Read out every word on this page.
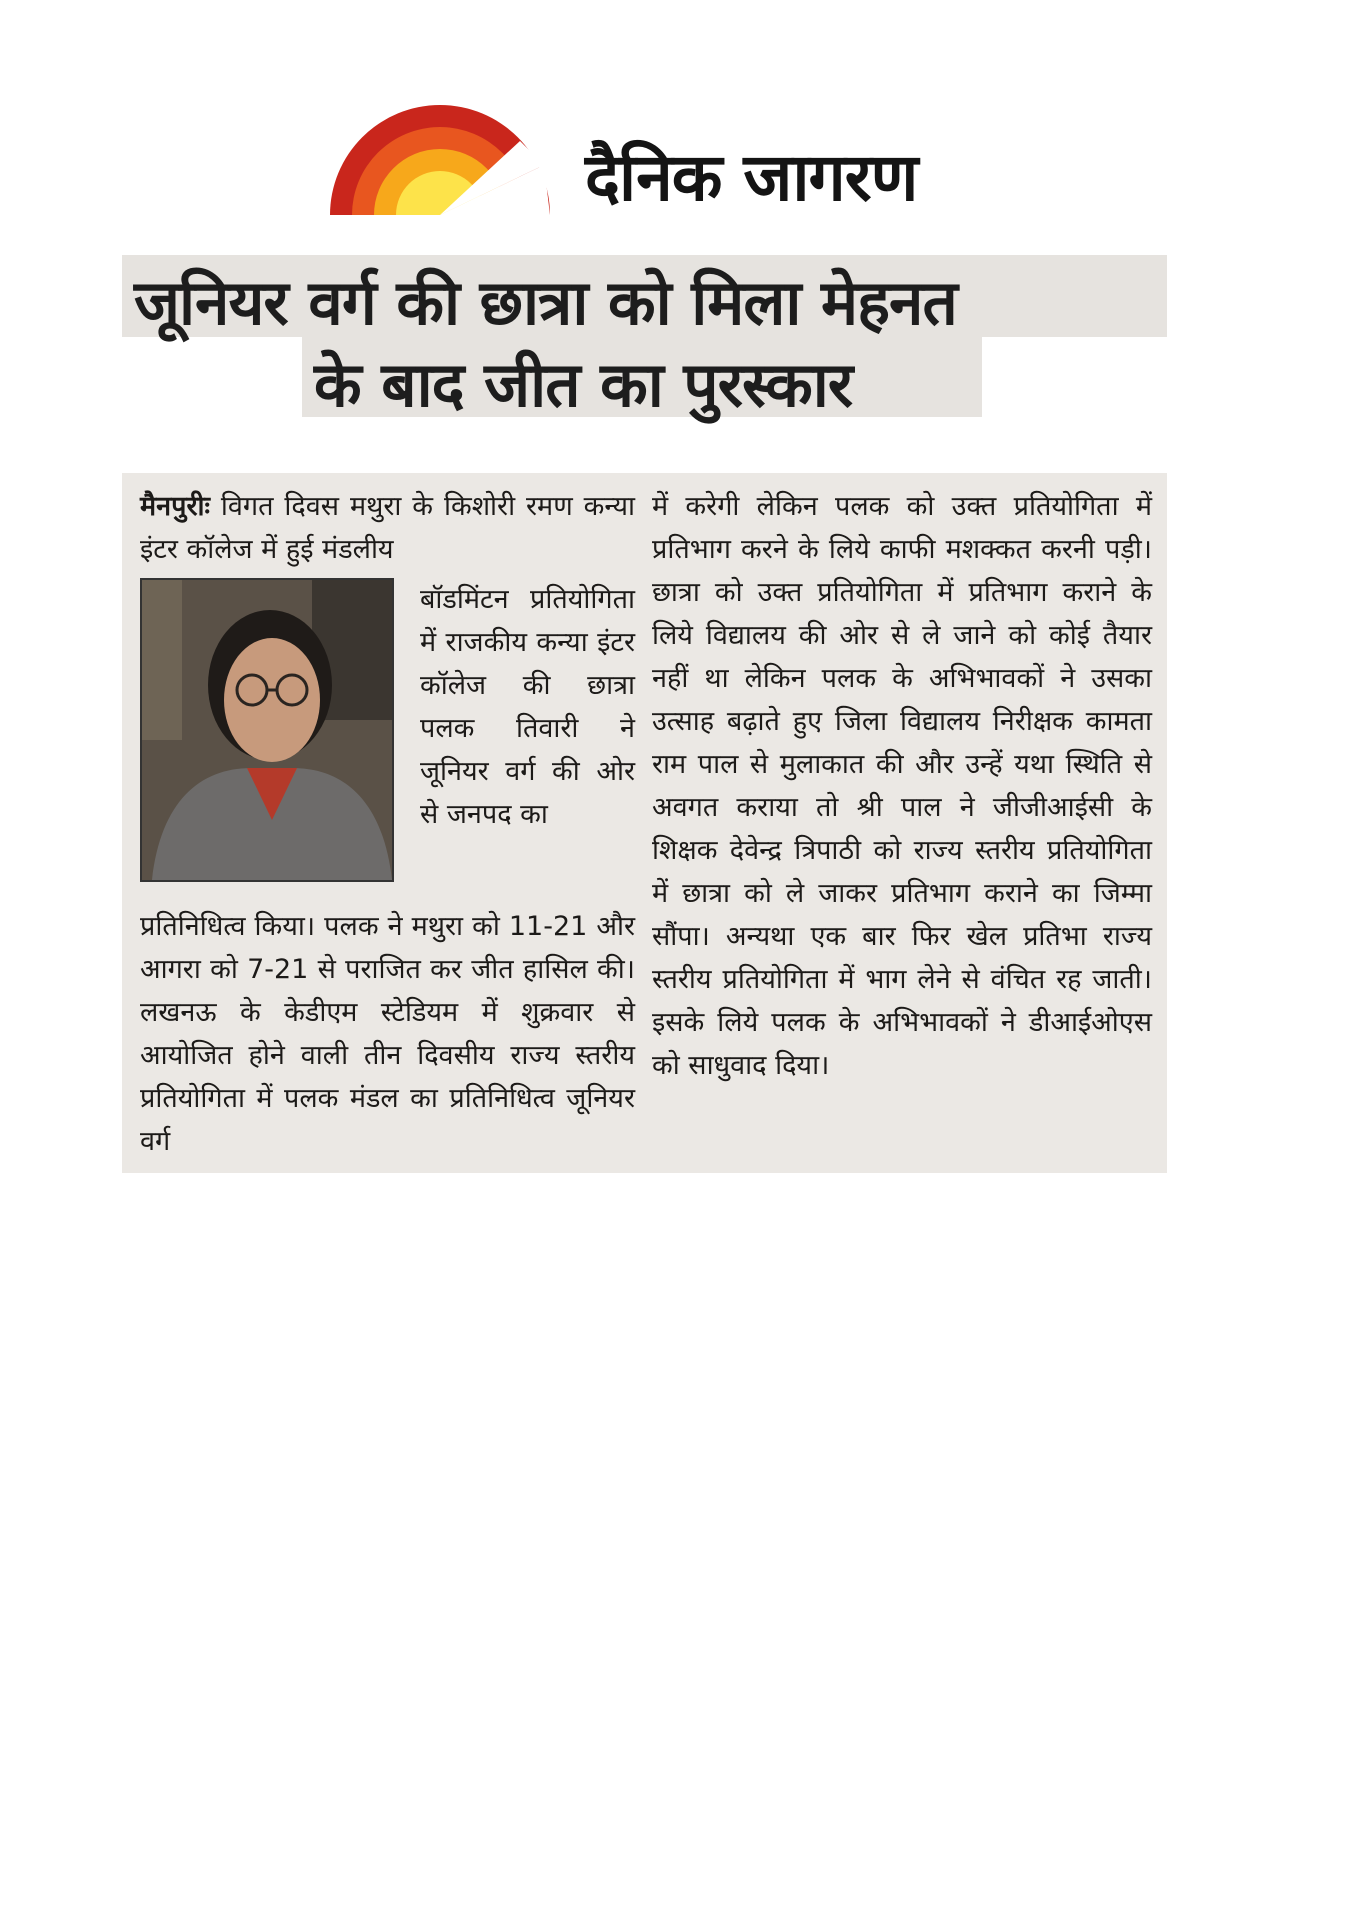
दैनिक जागरण
जूनियर वर्ग की छात्रा को मिला मेहनत
के बाद जीत का पुरस्कार

मैनपुरीः विगत दिवस मथुरा के किशोरी रमण कन्या इंटर कॉलेज में हुई मंडलीय

बॉडमिंटन प्रतियोगिता में राजकीय कन्या इंटर कॉलेज की छात्रा पलक तिवारी ने जूनियर वर्ग की ओर से जनपद का
प्रतिनिधित्व किया। पलक ने मथुरा को 11-21 और आगरा को 7-21 से पराजित कर जीत हासिल की। लखनऊ के केडीएम स्टेडियम में शुक्रवार से आयोजित होने वाली तीन दिवसीय राज्य स्तरीय प्रतियोगिता में पलक मंडल का प्रतिनिधित्व जूनियर वर्ग
में करेगी लेकिन पलक को उक्त प्रतियोगिता में प्रतिभाग करने के लिये काफी मशक्कत करनी पड़ी। छात्रा को उक्त प्रतियोगिता में प्रतिभाग कराने के लिये विद्यालय की ओर से ले जाने को कोई तैयार नहीं था लेकिन पलक के अभिभावकों ने उसका उत्साह बढ़ाते हुए जिला विद्यालय निरीक्षक कामता राम पाल से मुलाकात की और उन्हें यथा स्थिति से अवगत कराया तो श्री पाल ने जीजीआईसी के शिक्षक देवेन्द्र त्रिपाठी को राज्य स्तरीय प्रतियोगिता में छात्रा को ले जाकर प्रतिभाग कराने का जिम्मा सौंपा। अन्यथा एक बार फिर खेल प्रतिभा राज्य स्तरीय प्रतियोगिता में भाग लेने से वंचित रह जाती। इसके लिये पलक के अभिभावकों ने डीआईओएस को साधुवाद दिया।
